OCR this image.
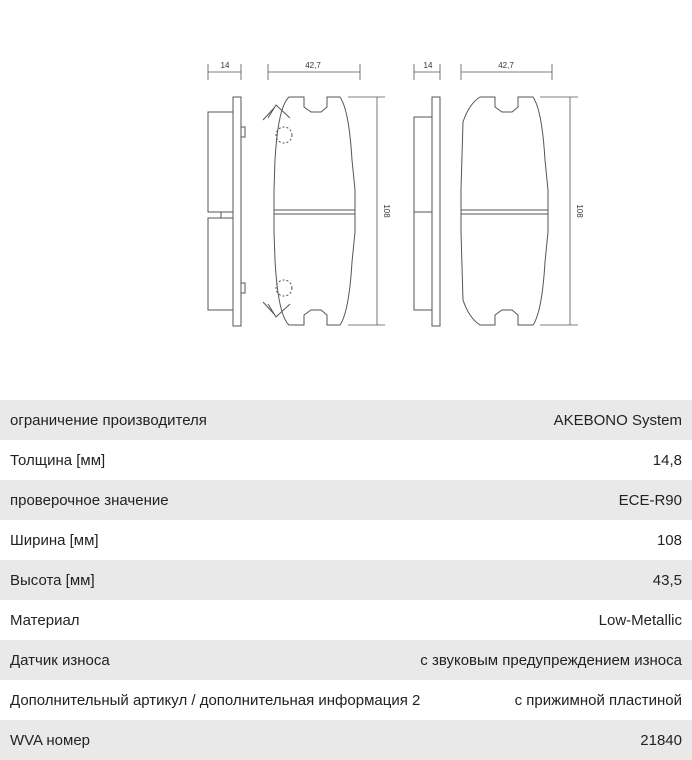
14	42,7
108
14	42,7
108
ограничение производителя	AKEBONO System
Толщина [мм]	14,8
проверочное значение	ECE-R90
Ширина [мм]	108
Высота [мм]	43,5
Материал	Low-Metallic
Датчик износа	с звуковым предупреждением износа
Дополнительный артикул / дополнительная информация 2	с прижимной пластиной
WVA номер	21840
